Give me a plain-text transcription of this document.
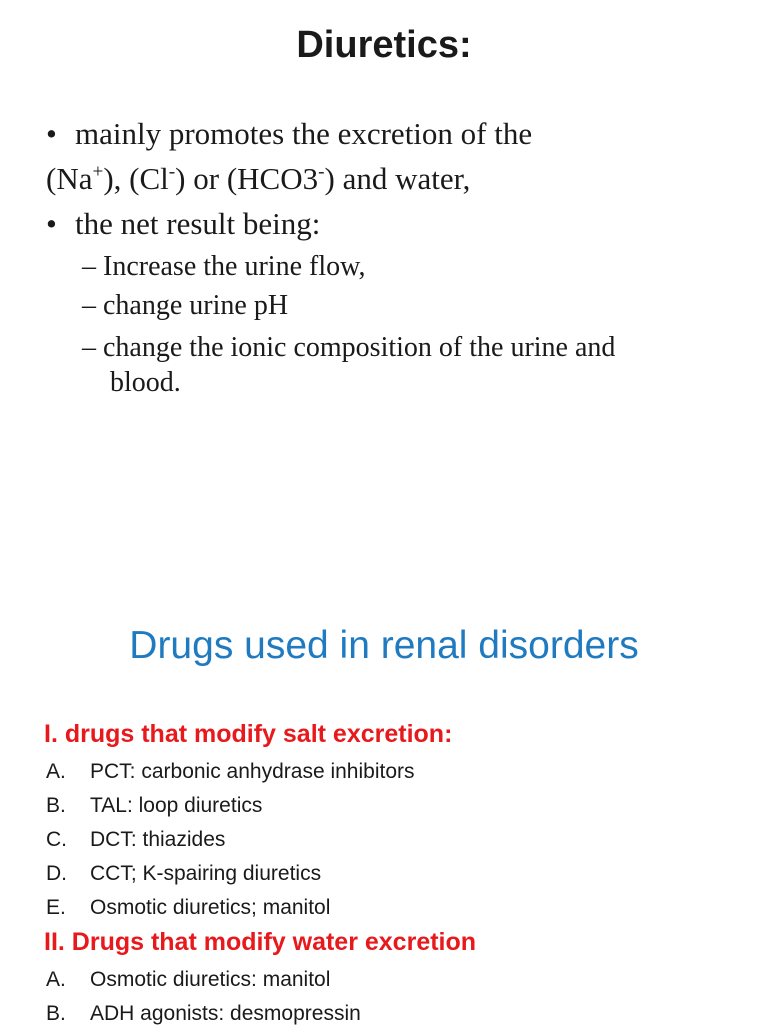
Diuretics:
• mainly promotes the excretion of the
(Na+), (Cl-) or (HCO3-) and water,
• the net result being:
– Increase the urine flow,
– change urine pH
– change the ionic composition of the urine and
blood.
Drugs used in renal disorders
I. drugs that modify salt excretion:
A. PCT: carbonic anhydrase inhibitors
B. TAL: loop diuretics
C. DCT: thiazides
D. CCT; K-spairing diuretics
E. Osmotic diuretics; manitol
II. Drugs that modify water excretion
A. Osmotic diuretics: manitol
B. ADH agonists: desmopressin
